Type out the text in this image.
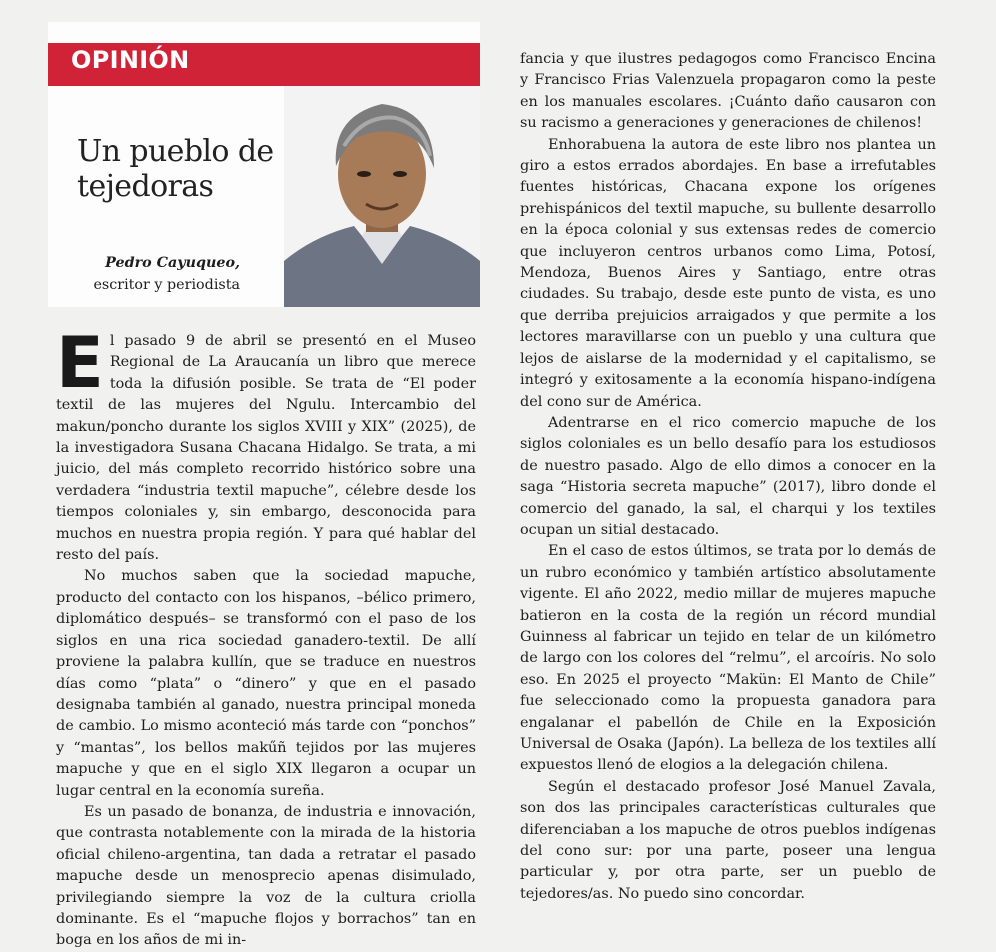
OPINIÓN
Un pueblo de tejedoras
Pedro Cayuqueo,
escritor y periodista

El pasado 9 de abril se presentó en el Museo Regional de La Araucanía un libro que merece toda la difusión posible. Se trata de “El poder textil de las mujeres del Ngulu. Intercambio del makun/poncho durante los siglos XVIII y XIX” (2025), de la investigadora Susana Chacana Hidalgo. Se trata, a mi juicio, del más completo recorrido histórico sobre una verdadera “industria textil mapuche”, célebre desde los tiempos coloniales y, sin embargo, desconocida para muchos en nuestra propia región. Y para qué hablar del resto del país.

No muchos saben que la sociedad mapuche, producto del contacto con los hispanos, –bélico primero, diplomático después– se transformó con el paso de los siglos en una rica sociedad ganadero-textil. De allí proviene la palabra kullín, que se traduce en nuestros días como “plata” o “dinero” y que en el pasado designaba también al ganado, nuestra principal moneda de cambio. Lo mismo aconteció más tarde con “ponchos” y “mantas”, los bellos makűñ tejidos por las mujeres mapuche y que en el siglo XIX llegaron a ocupar un lugar central en la economía sureña.

Es un pasado de bonanza, de industria e innovación, que contrasta notablemente con la mirada de la historia oficial chileno-argentina, tan dada a retratar el pasado mapuche desde un menosprecio apenas disimulado, privilegiando siempre la voz de la cultura criolla dominante. Es el “mapuche flojos y borrachos” tan en boga en los años de mi in-

fancia y que ilustres pedagogos como Francisco Encina y Francisco Frias Valenzuela propagaron como la peste en los manuales escolares. ¡Cuánto daño causaron con su racismo a generaciones y generaciones de chilenos!

Enhorabuena la autora de este libro nos plantea un giro a estos errados abordajes. En base a irrefutables fuentes históricas, Chacana expone los orígenes prehispánicos del textil mapuche, su bullente desarrollo en la época colonial y sus extensas redes de comercio que incluyeron centros urbanos como Lima, Potosí, Mendoza, Buenos Aires y Santiago, entre otras ciudades. Su trabajo, desde este punto de vista, es uno que derriba prejuicios arraigados y que permite a los lectores maravillarse con un pueblo y una cultura que lejos de aislarse de la modernidad y el capitalismo, se integró y exitosamente a la economía hispano-indígena del cono sur de América.

Adentrarse en el rico comercio mapuche de los siglos coloniales es un bello desafío para los estudiosos de nuestro pasado. Algo de ello dimos a conocer en la saga “Historia secreta mapuche” (2017), libro donde el comercio del ganado, la sal, el charqui y los textiles ocupan un sitial destacado.

En el caso de estos últimos, se trata por lo demás de un rubro económico y también artístico absolutamente vigente. El año 2022, medio millar de mujeres mapuche batieron en la costa de la región un récord mundial Guinness al fabricar un tejido en telar de un kilómetro de largo con los colores del “relmu”, el arcoíris. No solo eso. En 2025 el proyecto “Makün: El Manto de Chile” fue seleccionado como la propuesta ganadora para engalanar el pabellón de Chile en la Exposición Universal de Osaka (Japón). La belleza de los textiles allí expuestos llenó de elogios a la delegación chilena.

Según el destacado profesor José Manuel Zavala, son dos las principales características culturales que diferenciaban a los mapuche de otros pueblos indígenas del cono sur: por una parte, poseer una lengua particular y, por otra parte, ser un pueblo de tejedores/as. No puedo sino concordar.
